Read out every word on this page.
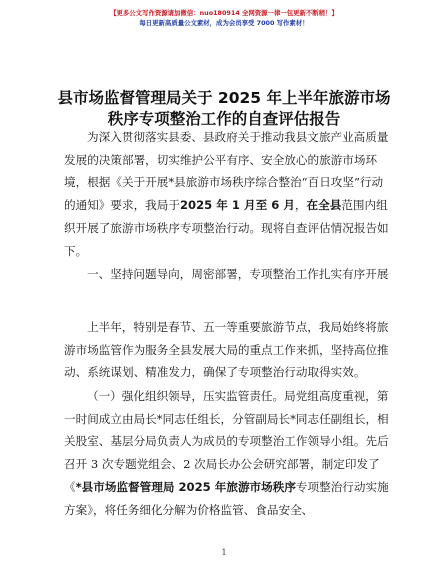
【更多公文写作资源请加微信：nuo180914 全网资源一律一包更新不断稍！】
每日更新高质量公文素材，成为会员享受 7000 写作素材！
县市场监督管理局关于 2025 年上半年旅游市场
秩序专项整治工作的自查评估报告
为深入贯彻落实县委、县政府关于推动我县文旅产业高质量发展的决策部署，切实维护公平有序、安全放心的旅游市场环境，根据《关于开展*县旅游市场秩序综合整治“百日攻坚”行动的通知》要求，我局于2025 年 1 月至 6 月，在全县范围内组织开展了旅游市场秩序专项整治行动。现将自查评估情况报告如下。
一、坚持问题导向，周密部署，专项整治工作扎实有序开展
上半年，特别是春节、五一等重要旅游节点，我局始终将旅游市场监管作为服务全县发展大局的重点工作来抓，坚持高位推动、系统谋划、精准发力，确保了专项整治行动取得实效。
（一）强化组织领导，压实监管责任。局党组高度重视，第一时间成立由局长*同志任组长，分管副局长*同志任副组长，相关股室、基层分局负责人为成员的专项整治工作领导小组。先后召开 3 次专题党组会、2 次局长办公会研究部署，制定印发了《*县市场监督管理局 2025 年旅游市场秩序专项整治行动实施方案》，将任务细化分解为价格监管、食品安全、
1
